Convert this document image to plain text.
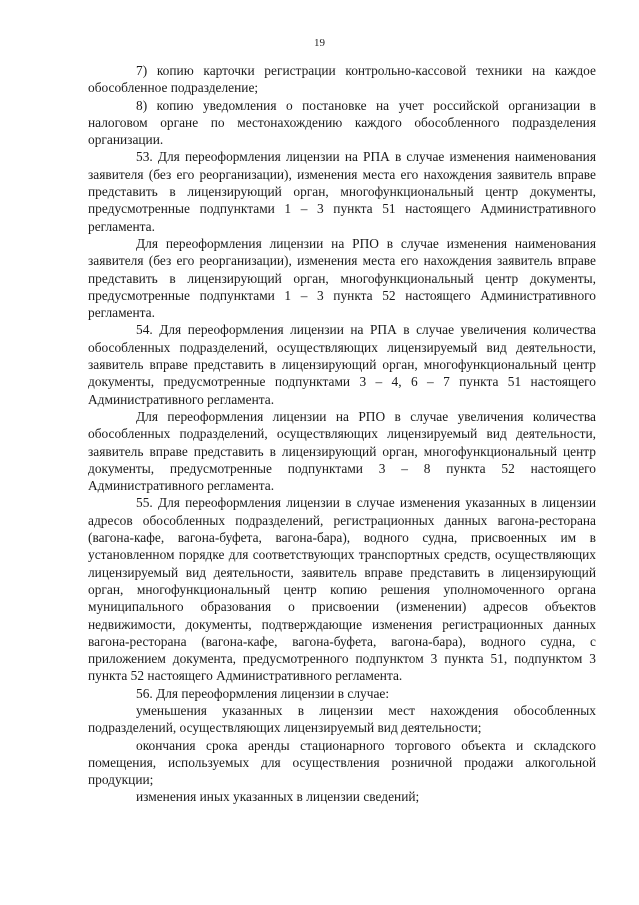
19

7) копию карточки регистрации контрольно-кассовой техники на каждое обособленное подразделение;

8) копию уведомления о постановке на учет российской организации в налоговом органе по местонахождению каждого обособленного подразделения организации.

53. Для переоформления лицензии на РПА в случае изменения наименования заявителя (без его реорганизации), изменения места его нахождения заявитель вправе представить в лицензирующий орган, многофункциональный центр документы, предусмотренные подпунктами 1 – 3 пункта 51 настоящего Административного регламента.

Для переоформления лицензии на РПО в случае изменения наименования заявителя (без его реорганизации), изменения места его нахождения заявитель вправе представить в лицензирующий орган, многофункциональный центр документы, предусмотренные подпунктами 1 – 3 пункта 52 настоящего Административного регламента.

54. Для переоформления лицензии на РПА в случае увеличения количества обособленных подразделений, осуществляющих лицензируемый вид деятельности, заявитель вправе представить в лицензирующий орган, многофункциональный центр документы, предусмотренные подпунктами 3 – 4, 6 – 7 пункта 51 настоящего Административного регламента.

Для переоформления лицензии на РПО в случае увеличения количества обособленных подразделений, осуществляющих лицензируемый вид деятельности, заявитель вправе представить в лицензирующий орган, многофункциональный центр документы, предусмотренные подпунктами 3 – 8 пункта 52 настоящего Административного регламента.

55. Для переоформления лицензии в случае изменения указанных в лицензии адресов обособленных подразделений, регистрационных данных вагона-ресторана (вагона-кафе, вагона-буфета, вагона-бара), водного судна, присвоенных им в установленном порядке для соответствующих транспортных средств, осуществляющих лицензируемый вид деятельности, заявитель вправе представить в лицензирующий орган, многофункциональный центр копию решения уполномоченного органа муниципального образования о присвоении (изменении) адресов объектов недвижимости, документы, подтверждающие изменения регистрационных данных вагона-ресторана (вагона-кафе, вагона-буфета, вагона-бара), водного судна, с приложением документа, предусмотренного подпунктом 3 пункта 51, подпунктом 3 пункта 52 настоящего Административного регламента.

56. Для переоформления лицензии в случае:

уменьшения указанных в лицензии мест нахождения обособленных подразделений, осуществляющих лицензируемый вид деятельности;

окончания срока аренды стационарного торгового объекта и складского помещения, используемых для осуществления розничной продажи алкогольной продукции;

изменения иных указанных в лицензии сведений;
